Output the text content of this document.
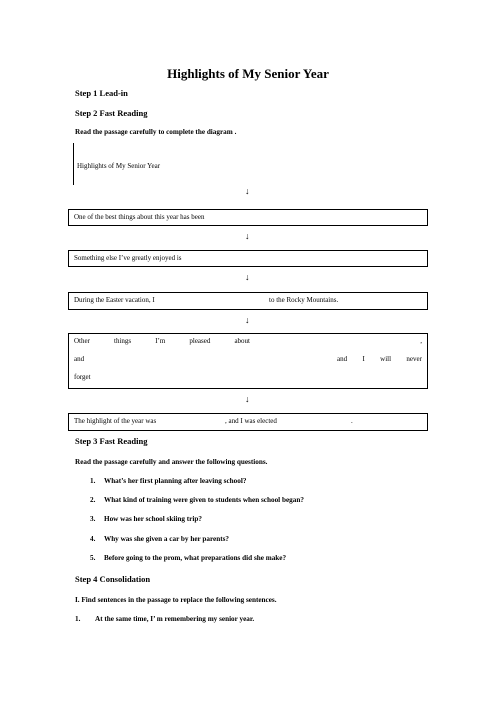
Highlights of My Senior Year
Step 1 Lead-in
Step 2 Fast Reading
Read the passage carefully to complete the diagram .
Highlights of My Senior Year
↓
One of the best things about this year has been
↓
Something else I’ve greatly enjoyed is
↓
During the Easter vacation, I	to the Rocky Mountains.
↓
Other	things	I’m	pleased	about	,
and	and I will never
forget
↓
The highlight of the year was	, and I was elected	.
Step 3 Fast Reading
Read the passage carefully and answer the following questions.
1. What’s her first planning after leaving school?
2. What kind of training were given to students when school began?
3. How was her school skiing trip?
4. Why was she given a car by her parents?
5. Before going to the prom, what preparations did she make?
Step 4 Consolidation
I. Find sentences in the passage to replace the following sentences.
1. At the same time, I’ m remembering my senior year.
